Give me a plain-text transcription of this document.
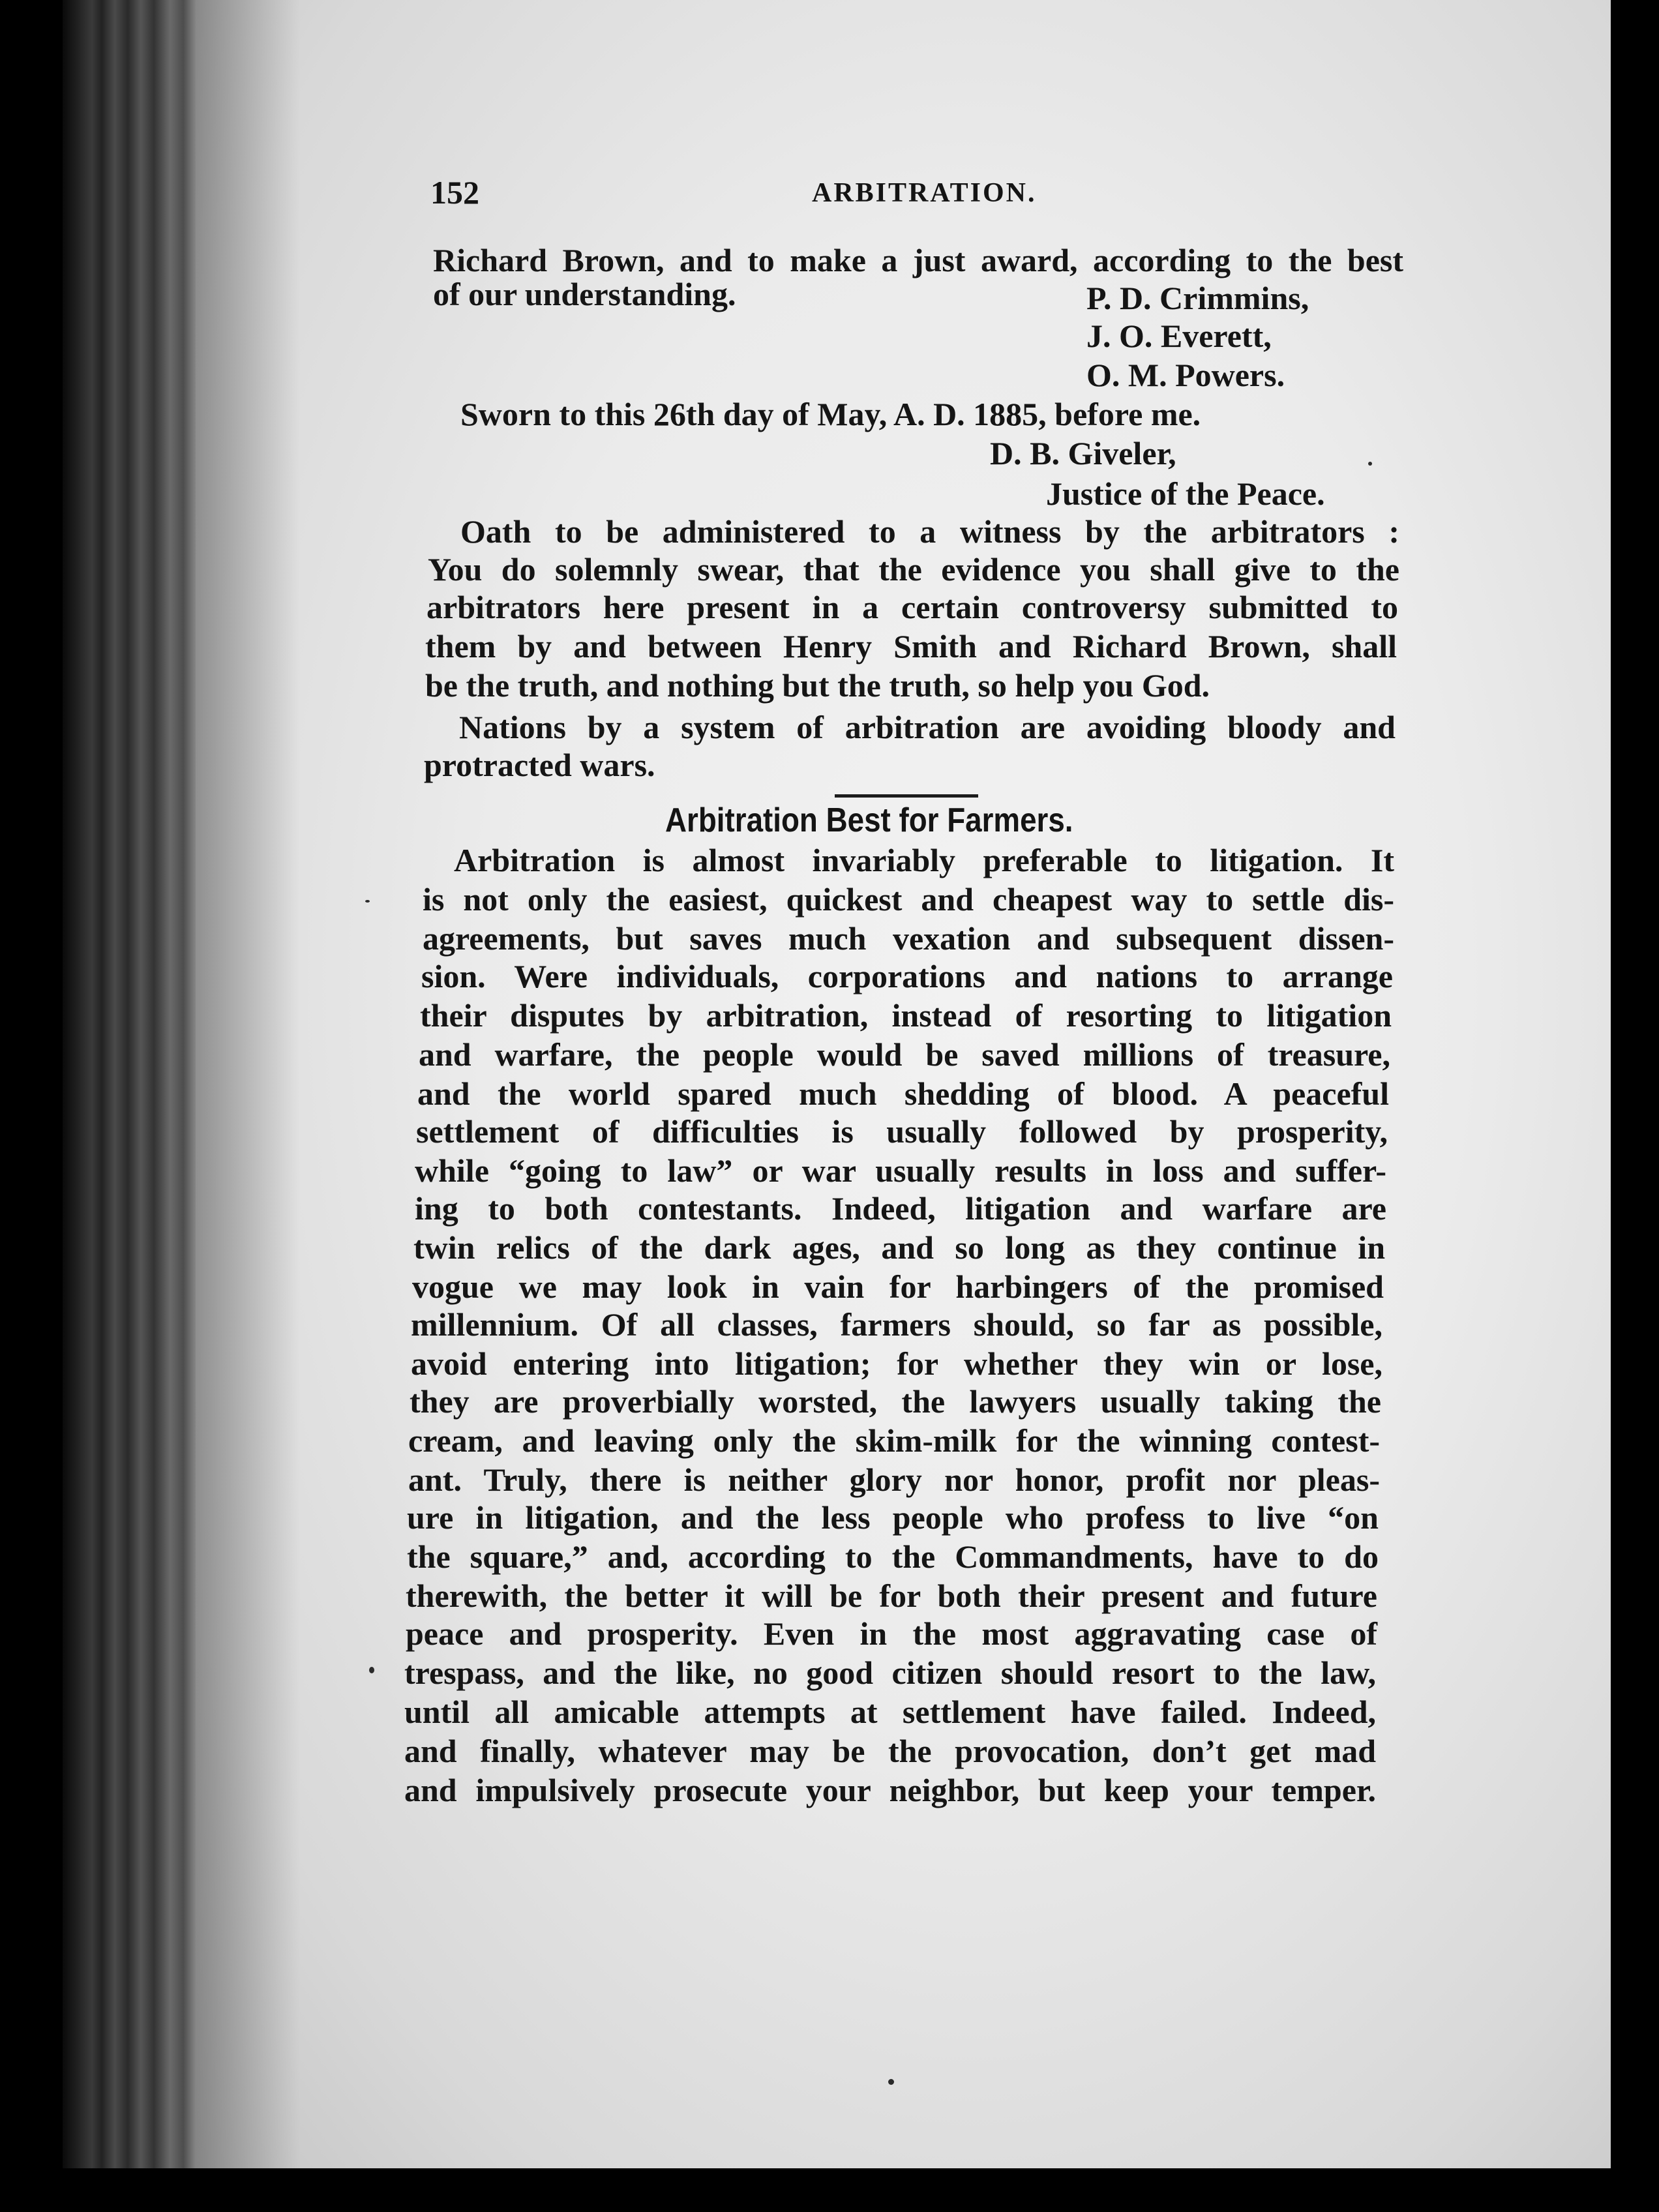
152	ARBITRATION.
Richard Brown, and to make a just award, according to the best
of our understanding.	P. D. Crimmins,
J. O. Everett,
O. M. Powers.
Sworn to this 26th day of May, A. D. 1885, before me.
D. B. Giveler,
Justice of the Peace.
Oath to be administered to a witness by the arbitrators :
You do solemnly swear, that the evidence you shall give to the
arbitrators here present in a certain controversy submitted to
them by and between Henry Smith and Richard Brown, shall
be the truth, and nothing but the truth, so help you God.
Nations by a system of arbitration are avoiding bloody and
protracted wars.
Arbitration Best for Farmers.
Arbitration is almost invariably preferable to litigation. It
is not only the easiest, quickest and cheapest way to settle dis-
agreements, but saves much vexation and subsequent dissen-
sion. Were individuals, corporations and nations to arrange
their disputes by arbitration, instead of resorting to litigation
and warfare, the people would be saved millions of treasure,
and the world spared much shedding of blood. A peaceful
settlement of difficulties is usually followed by prosperity,
while “going to law” or war usually results in loss and suffer-
ing to both contestants. Indeed, litigation and warfare are
twin relics of the dark ages, and so long as they continue in
vogue we may look in vain for harbingers of the promised
millennium. Of all classes, farmers should, so far as possible,
avoid entering into litigation; for whether they win or lose,
they are proverbially worsted, the lawyers usually taking the
cream, and leaving only the skim-milk for the winning contest-
ant. Truly, there is neither glory nor honor, profit nor pleas-
ure in litigation, and the less people who profess to live “on
the square,” and, according to the Commandments, have to do
therewith, the better it will be for both their present and future
peace and prosperity. Even in the most aggravating case of
trespass, and the like, no good citizen should resort to the law,
until all amicable attempts at settlement have failed. Indeed,
and finally, whatever may be the provocation, don’t get mad
and impulsively prosecute your neighbor, but keep your temper.
